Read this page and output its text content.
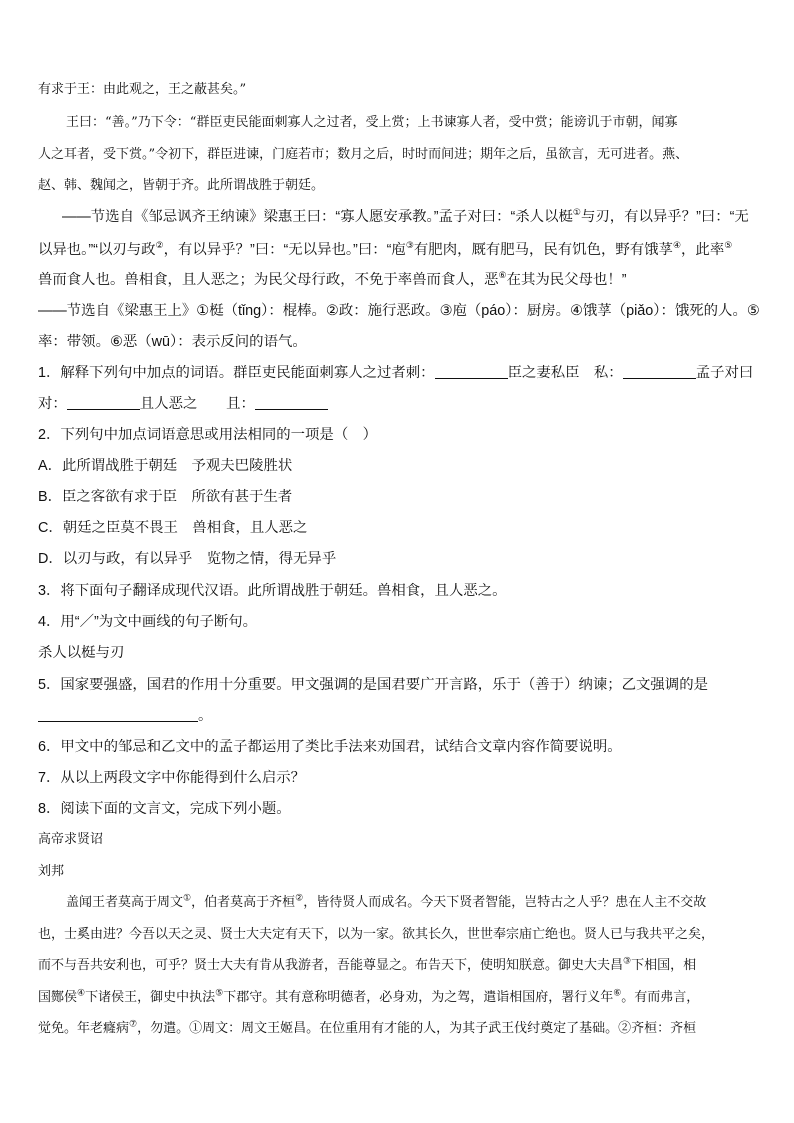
有求于王：由此观之，王之蔽甚矣。”
王曰：“善。”乃下令：“群臣吏民能面刺寡人之过者，受上赏；上书谏寡人者，受中赏；能谤讥于市朝，闻寡
人之耳者，受下赏。”令初下，群臣进谏，门庭若市；数月之后，时时而间进；期年之后，虽欲言，无可进者。燕、
赵、韩、魏闻之，皆朝于齐。此所谓战胜于朝廷。
——节选自《邹忌讽齐王纳谏》梁惠王曰：“寡人愿安承教。”孟子对曰：“杀人以梃①与刃，有以异乎？”曰：“无
以异也。”“以刃与政②，有以异乎？”曰：“无以异也。”曰：“庖③有肥肉，厩有肥马，民有饥色，野有饿莩④，此率⑤
兽而食人也。兽相食，且人恶之；为民父母行政，不免于率兽而食人，恶⑥在其为民父母也！”
——节选自《梁惠王上》①梃（tǐng）：棍棒。②政：施行恶政。③庖（páo）：厨房。④饿莩（piǎo）：饿死的人。⑤
率：带领。⑥恶（wū）：表示反问的语气。
1．解释下列句中加点的词语。群臣吏民能面刺寡人之过者刺：	臣之妻私臣　私：	孟子对曰
对：	且人恶之　　且：
2．下列句中加点词语意思或用法相同的一项是（　）
A．此所谓战胜于朝廷　予观夫巴陵胜状
B．臣之客欲有求于臣　所欲有甚于生者
C．朝廷之臣莫不畏王　兽相食，且人恶之
D．以刃与政，有以异乎　览物之情，得无异乎
3．将下面句子翻译成现代汉语。此所谓战胜于朝廷。兽相食，且人恶之。
4．用“／”为文中画线的句子断句。
杀人以梃与刃
5．国家要强盛，国君的作用十分重要。甲文强调的是国君要广开言路，乐于（善于）纳谏；乙文强调的是
。
6．甲文中的邹忌和乙文中的孟子都运用了类比手法来劝国君，试结合文章内容作简要说明。
7．从以上两段文字中你能得到什么启示？
8．阅读下面的文言文，完成下列小题。
高帝求贤诏
刘邦
盖闻王者莫高于周文①，伯者莫高于齐桓②，皆待贤人而成名。今天下贤者智能，岂特古之人乎？患在人主不交故
也，士奚由进？今吾以天之灵、贤士大夫定有天下，以为一家。欲其长久，世世奉宗庙亡绝也。贤人已与我共平之矣，
而不与吾共安利也，可乎？贤士大夫有肯从我游者，吾能尊显之。布告天下，使明知朕意。御史大夫昌③下相国，相
国酂侯④下诸侯王，御史中执法⑤下郡守。其有意称明德者，必身劝，为之驾，遣诣相国府，署行义年⑥。有而弗言，
觉免。年老癃病⑦，勿遣。①周文：周文王姬昌。在位重用有才能的人，为其子武王伐纣奠定了基础。②齐桓：齐桓
